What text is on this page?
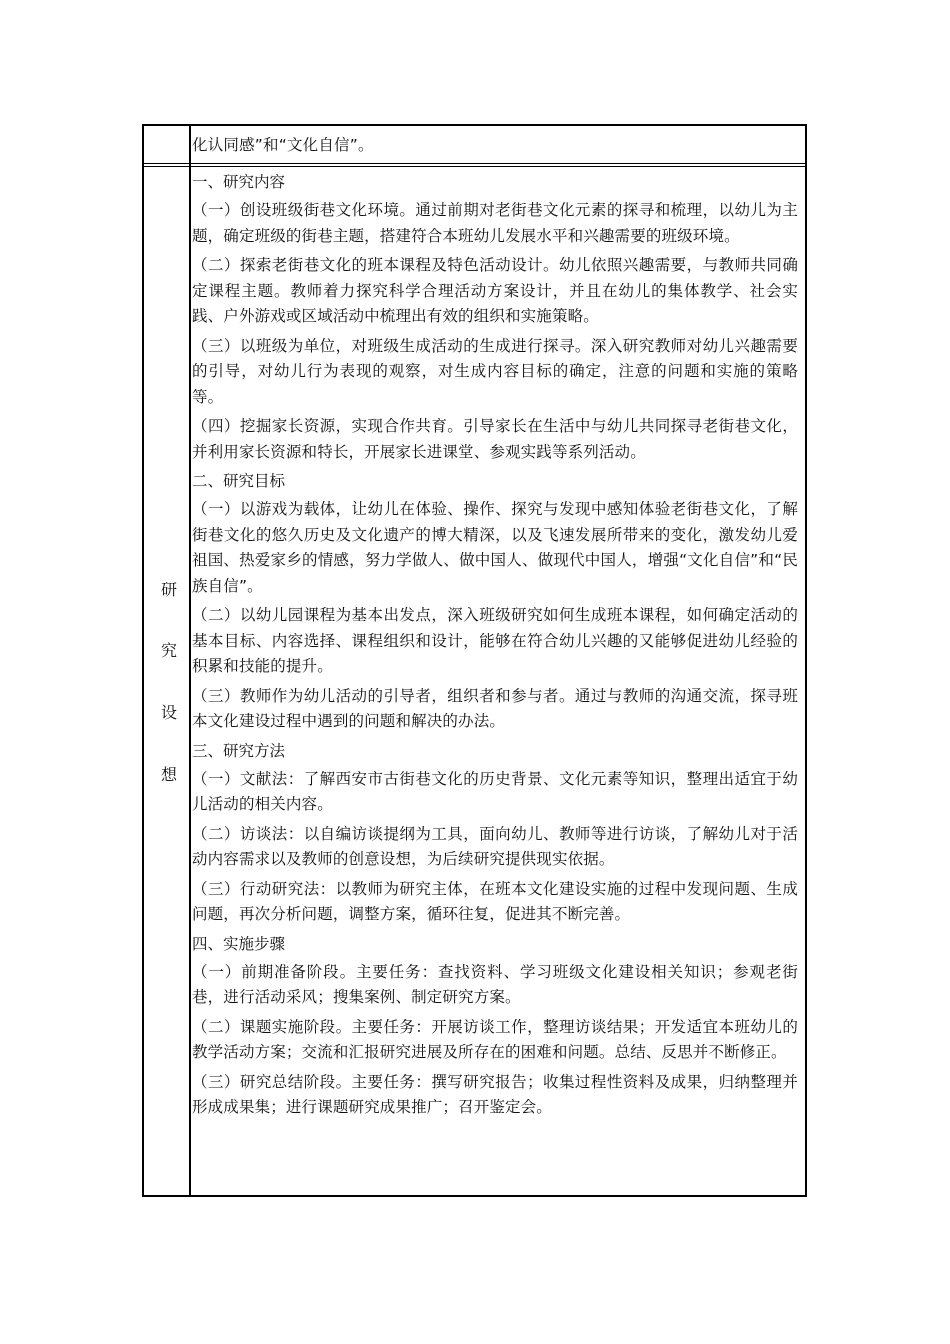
化认同感”和“文化自信”。
研
究
设
想

一、研究内容

（一）创设班级街巷文化环境。通过前期对老街巷文化元素的探寻和梳理，以幼儿为主题，确定班级的街巷主题，搭建符合本班幼儿发展水平和兴趣需要的班级环境。

（二）探索老街巷文化的班本课程及特色活动设计。幼儿依照兴趣需要，与教师共同确定课程主题。教师着力探究科学合理活动方案设计，并且在幼儿的集体教学、社会实践、户外游戏或区域活动中梳理出有效的组织和实施策略。

（三）以班级为单位，对班级生成活动的生成进行探寻。深入研究教师对幼儿兴趣需要的引导，对幼儿行为表现的观察，对生成内容目标的确定，注意的问题和实施的策略等。

（四）挖掘家长资源，实现合作共育。引导家长在生活中与幼儿共同探寻老街巷文化，并利用家长资源和特长，开展家长进课堂、参观实践等系列活动。

二、研究目标

（一）以游戏为载体，让幼儿在体验、操作、探究与发现中感知体验老街巷文化，了解街巷文化的悠久历史及文化遗产的博大精深，以及飞速发展所带来的变化，激发幼儿爱祖国、热爱家乡的情感，努力学做人、做中国人、做现代中国人，增强“文化自信”和“民族自信”。

（二）以幼儿园课程为基本出发点，深入班级研究如何生成班本课程，如何确定活动的基本目标、内容选择、课程组织和设计，能够在符合幼儿兴趣的又能够促进幼儿经验的积累和技能的提升。

（三）教师作为幼儿活动的引导者，组织者和参与者。通过与教师的沟通交流，探寻班本文化建设过程中遇到的问题和解决的办法。

三、研究方法

（一）文献法：了解西安市古街巷文化的历史背景、文化元素等知识，整理出适宜于幼儿活动的相关内容。

（二）访谈法：以自编访谈提纲为工具，面向幼儿、教师等进行访谈，了解幼儿对于活动内容需求以及教师的创意设想，为后续研究提供现实依据。

（三）行动研究法：以教师为研究主体，在班本文化建设实施的过程中发现问题、生成问题，再次分析问题，调整方案，循环往复，促进其不断完善。

四、实施步骤

（一）前期准备阶段。主要任务：查找资料、学习班级文化建设相关知识；参观老街巷，进行活动采风；搜集案例、制定研究方案。

（二）课题实施阶段。主要任务：开展访谈工作，整理访谈结果；开发适宜本班幼儿的教学活动方案；交流和汇报研究进展及所存在的困难和问题。总结、反思并不断修正。

（三）研究总结阶段。主要任务：撰写研究报告；收集过程性资料及成果，归纳整理并形成成果集；进行课题研究成果推广；召开鉴定会。
